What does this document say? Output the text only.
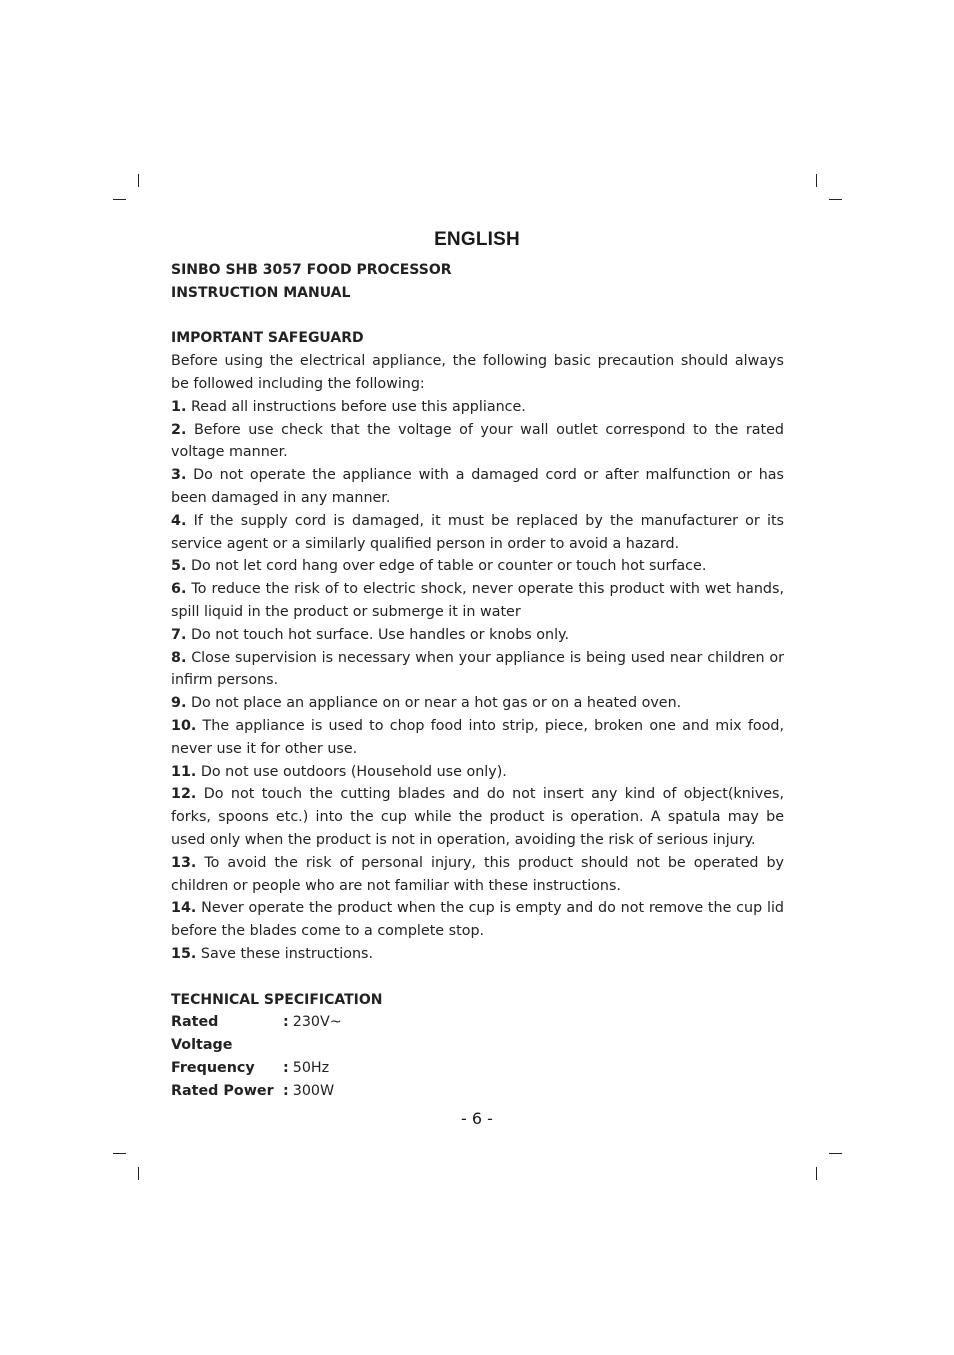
ENGLISH

SINBO SHB 3057 FOOD PROCESSOR

INSTRUCTION MANUAL

IMPORTANT SAFEGUARD

Before using the electrical appliance, the following basic precaution should always be followed including the following:

1. Read all instructions before use this appliance.

2. Before use check that the voltage of your wall outlet correspond to the rated voltage manner.

3. Do not operate the appliance with a damaged cord or after malfunction or has been damaged in any manner.

4. If the supply cord is damaged, it must be replaced by the manufacturer or its service agent or a similarly qualified person in order to avoid a hazard.

5. Do not let cord hang over edge of table or counter or touch hot surface.

6. To reduce the risk of to electric shock, never operate this product with wet hands, spill liquid in the product or submerge it in water

7. Do not touch hot surface. Use handles or knobs only.

8. Close supervision is necessary when your appliance is being used near children or infirm persons.

9. Do not place an appliance on or near a hot gas or on a heated oven.

10. The appliance is used to chop food into strip, piece, broken one and mix food, never use it for other use.

11. Do not use outdoors (Household use only).

12. Do not touch the cutting blades and do not insert any kind of object(knives, forks, spoons etc.) into the cup while the product is operation. A spatula may be used only when the product is not in operation, avoiding the risk of serious injury.

13. To avoid the risk of personal injury, this product should not be operated by children or people who are not familiar with these instructions.

14. Never operate the product when the cup is empty and do not remove the cup lid before the blades come to a complete stop.

15. Save these instructions.

TECHNICAL SPECIFICATION

Rated Voltage
: 230V~
Frequency	: 50Hz
Rated Power : 300W
- 6 -
